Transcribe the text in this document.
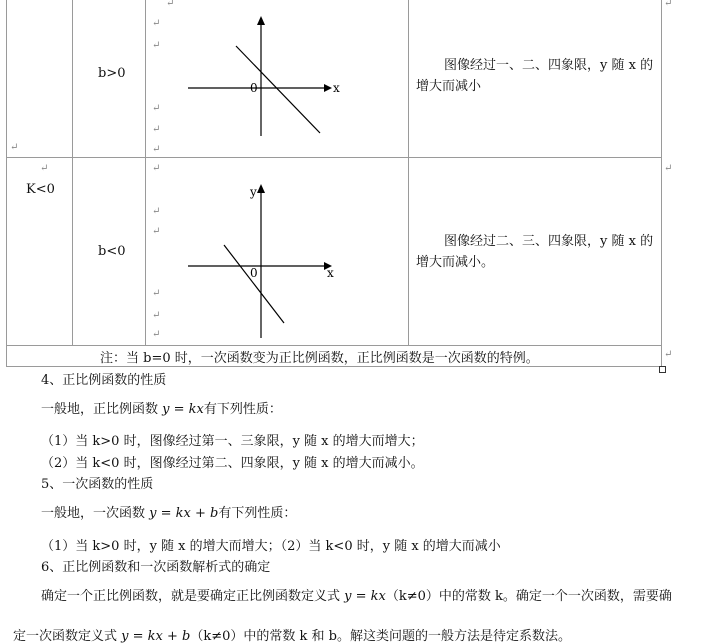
↵
↵
↵
↵
↵
↵
↵
↵
↵
↵
↵
↵
↵
↵
↵
↵
↵
b>0
0	x
图像经过一、二、四象限，y 随 x 的增大而减小
K<0
b<0
y
0	x
图像经过二、三、四象限，y 随 x 的增大而减小。
注：当 b=0 时，一次函数变为正比例函数，正比例函数是一次函数的特例。
4、正比例函数的性质
一般地，正比例函数 y = kx有下列性质：
（1）当 k>0 时，图像经过第一、三象限，y 随 x 的增大而增大；
（2）当 k<0 时，图像经过第二、四象限，y 随 x 的增大而减小。
5、一次函数的性质
一般地，一次函数 y = kx + b有下列性质：
（1）当 k>0 时，y 随 x 的增大而增大；（2）当 k<0 时，y 随 x 的增大而减小
6、正比例函数和一次函数解析式的确定
确定一个正比例函数，就是要确定正比例函数定义式 y = kx（k≠0）中的常数 k。确定一个一次函数，需要确
定一次函数定义式 y = kx + b（k≠0）中的常数 k 和 b。解这类问题的一般方法是待定系数法。
